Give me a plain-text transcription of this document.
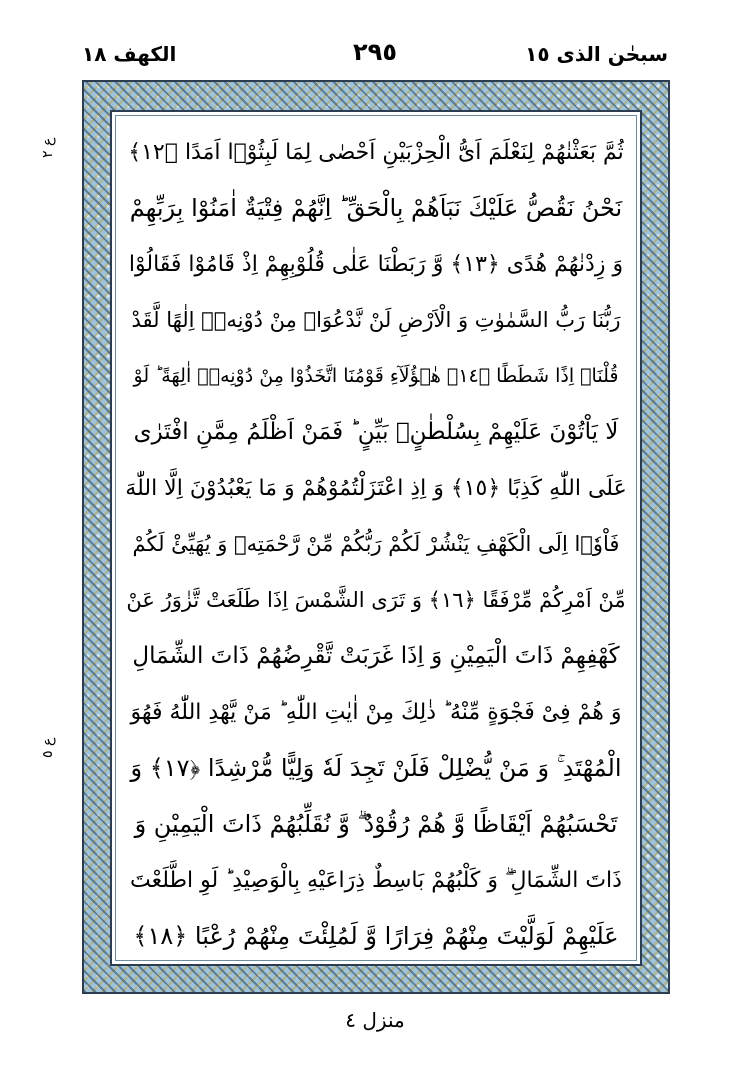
سبحٰن الذی ١٥
٢٩٥
الكهف ١٨
ع ٢
ع ٥
ثُمَّ بَعَثْنٰهُمْ لِنَعْلَمَ اَیُّ الْحِزْبَیْنِ اَحْصٰی لِمَا لَبِثُوْۤا اَمَدًا ﴿١٢﴾
نَحْنُ نَقُصُّ عَلَیْكَ نَبَاَهُمْ بِالْحَقِّ ؕ اِنَّهُمْ فِتْیَةٌ اٰمَنُوْا بِرَبِّهِمْ
وَ زِدْنٰهُمْ هُدًی ﴿١٣﴾ وَّ رَبَطْنَا عَلٰی قُلُوْبِهِمْ اِذْ قَامُوْا فَقَالُوْا
رَبُّنَا رَبُّ السَّمٰوٰتِ وَ الْاَرْضِ لَنْ نَّدْعُوَاۡ مِنْ دُوْنِهٖۤ اِلٰهًا لَّقَدْ
قُلْنَاۤ اِذًا شَطَطًا ﴿١٤﴾ هٰۤؤُلَآءِ قَوْمُنَا اتَّخَذُوْا مِنْ دُوْنِهٖۤ اٰلِهَةً ؕ لَوْ
لَا یَاْتُوْنَ عَلَیْهِمْ بِسُلْطٰنٍۭ بَیِّنٍ ؕ فَمَنْ اَظْلَمُ مِمَّنِ افْتَرٰی
عَلَی اللّٰهِ كَذِبًا ﴿١٥﴾ وَ اِذِ اعْتَزَلْتُمُوْهُمْ وَ مَا یَعْبُدُوْنَ اِلَّا اللّٰهَ
فَاْوٗۤا اِلَی الْكَهْفِ یَنْشُرْ لَكُمْ رَبُّكُمْ مِّنْ رَّحْمَتِهٖ وَ یُهَیِّئْ لَكُمْ
مِّنْ اَمْرِكُمْ مِّرْفَقًا ﴿١٦﴾ وَ تَرَی الشَّمْسَ اِذَا طَلَعَتْ تَّزٰوَرُ عَنْ
كَهْفِهِمْ ذَاتَ الْیَمِیْنِ وَ اِذَا غَرَبَتْ تَّقْرِضُهُمْ ذَاتَ الشِّمَالِ
وَ هُمْ فِیْ فَجْوَةٍ مِّنْهُ ؕ ذٰلِكَ مِنْ اٰیٰتِ اللّٰهِ ؕ مَنْ یَّهْدِ اللّٰهُ فَهُوَ
الْمُهْتَدِ ۚ وَ مَنْ یُّضْلِلْ فَلَنْ تَجِدَ لَهٗ وَلِیًّا مُّرْشِدًا ﴿١٧﴾ وَ
تَحْسَبُهُمْ اَیْقَاظًا وَّ هُمْ رُقُوْدٌ ۖۗ وَّ نُقَلِّبُهُمْ ذَاتَ الْیَمِیْنِ وَ
ذَاتَ الشِّمَالِ ۖۗ وَ كَلْبُهُمْ بَاسِطٌ ذِرَاعَیْهِ بِالْوَصِیْدِ ؕ لَوِ اطَّلَعْتَ
عَلَیْهِمْ لَوَلَّیْتَ مِنْهُمْ فِرَارًا وَّ لَمُلِئْتَ مِنْهُمْ رُعْبًا ﴿١٨﴾
منزل ٤
